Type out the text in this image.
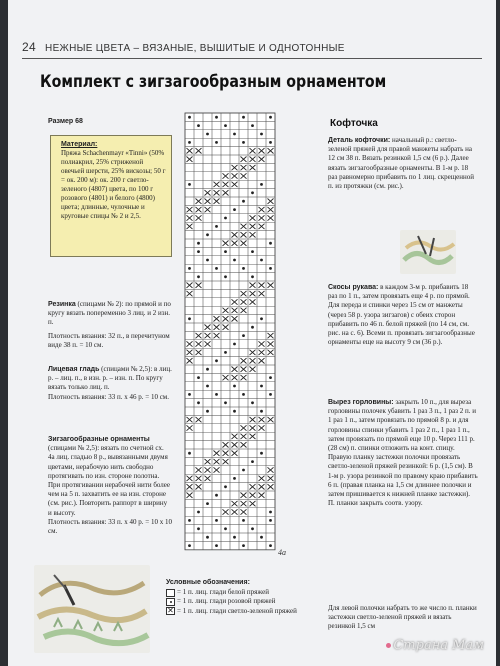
24 НЕЖНЫЕ ЦВЕТА – ВЯЗАНЫЕ, ВЫШИТЫЕ И ОДНОТОННЫЕ
Комплект с зигзагообразным орнаментом
Размер 68
Материал:
Пряжа Schachenmayr «Tinni» (50% полиакрил, 25% стриженой овечьей шерсти, 25% вискозы; 50 г = ок. 200 м): ок. 200 г светло-зеленого (4807) цвета, по 100 г розового (4801) и белого (4800) цвета; длинные, чулочные и круговые спицы № 2 и 2,5.

Резинка (спицами № 2): по прямой и по кругу вязать попеременно 3 лиц. и 2 изн. п.

Плотность вязания: 32 п., в перечитуном виде 38 п. = 10 см.

Лицевая гладь (спицами № 2,5): в лиц. р. – лиц. п., в изн. р. – изн. п. По кругу вязать только лиц. п.

Плотность вязания: 33 п. х 46 р. = 10 см.

Зигзагообразные орнаменты (спицами № 2,5): вязать по счетной сх. 4а лиц. гладью 8 р., вывязанными двумя цветами, нерабочую нить свободно протягивать по изн. стороне полотна. При протягивании нерабочей нити более чем на 5 п. захватить ее на изн. стороне (см. рис.). Повторить раппорт в ширину и высоту.

Плотность вязания: 33 п. х 40 р. = 10 х 10 см.

4a
Условные обозначения:
= 1 п. лиц. глади белой пряжей
= 1 п. лиц. глади розовой пряжей
✕ = 1 п. лиц. глади светло-зеленой пряжей
Кофточка

Деталь кофточки: начальный р.: светло-зеленой пряжей для правой манжеты набрать на 12 см 38 п. Вязать резинкой 1,5 см (6 р.). Далее вязать зигзагообразные орнаменты. В 1-м р. 18 раз равномерно прибавить по 1 лиц. скрещенной п. из протяжки (см. рис.).

Скосы рукава: в каждом 3-м р. прибавить 18 раз по 1 п., затем провязать еще 4 р. по прямой. Для переда и спинки через 15 см от манжеты (через 58 р. узора зигзагов) с обеих сторон прибавить по 46 п. белой пряжей (по 14 см, см. рис. на с. 6). Всеми п. провязать зигзагообразные орнаменты еще на высоту 9 см (36 р.).

Вырез горловины: закрыть 10 п., для выреза горловины полочек убавить 1 раз 3 п., 1 раз 2 п. и 1 раз 1 п., затем провязать по прямой 8 р. и для горловины спинки убавить 1 раз 2 п., 1 раз 1 п., затем провязать по прямой еще 10 р. Через 111 р. (28 см) п. спинки отложить на конт. спицу. Правую планку застежки полочки провязать светло-зеленой пряжей резинкой: 6 р. (1,5 см). В 1-м р. узора резинкой по правому краю прибавить 6 п. (правая планка на 1,5 см длиннее полочки и затем пришивается к нижней планке застежки). П. планки закрыть соотв. узору.

Для левой полочки набрать то же число п. планки застежки светло-зеленой пряжей и вязать резинкой 1,5 см

Страна Мам
